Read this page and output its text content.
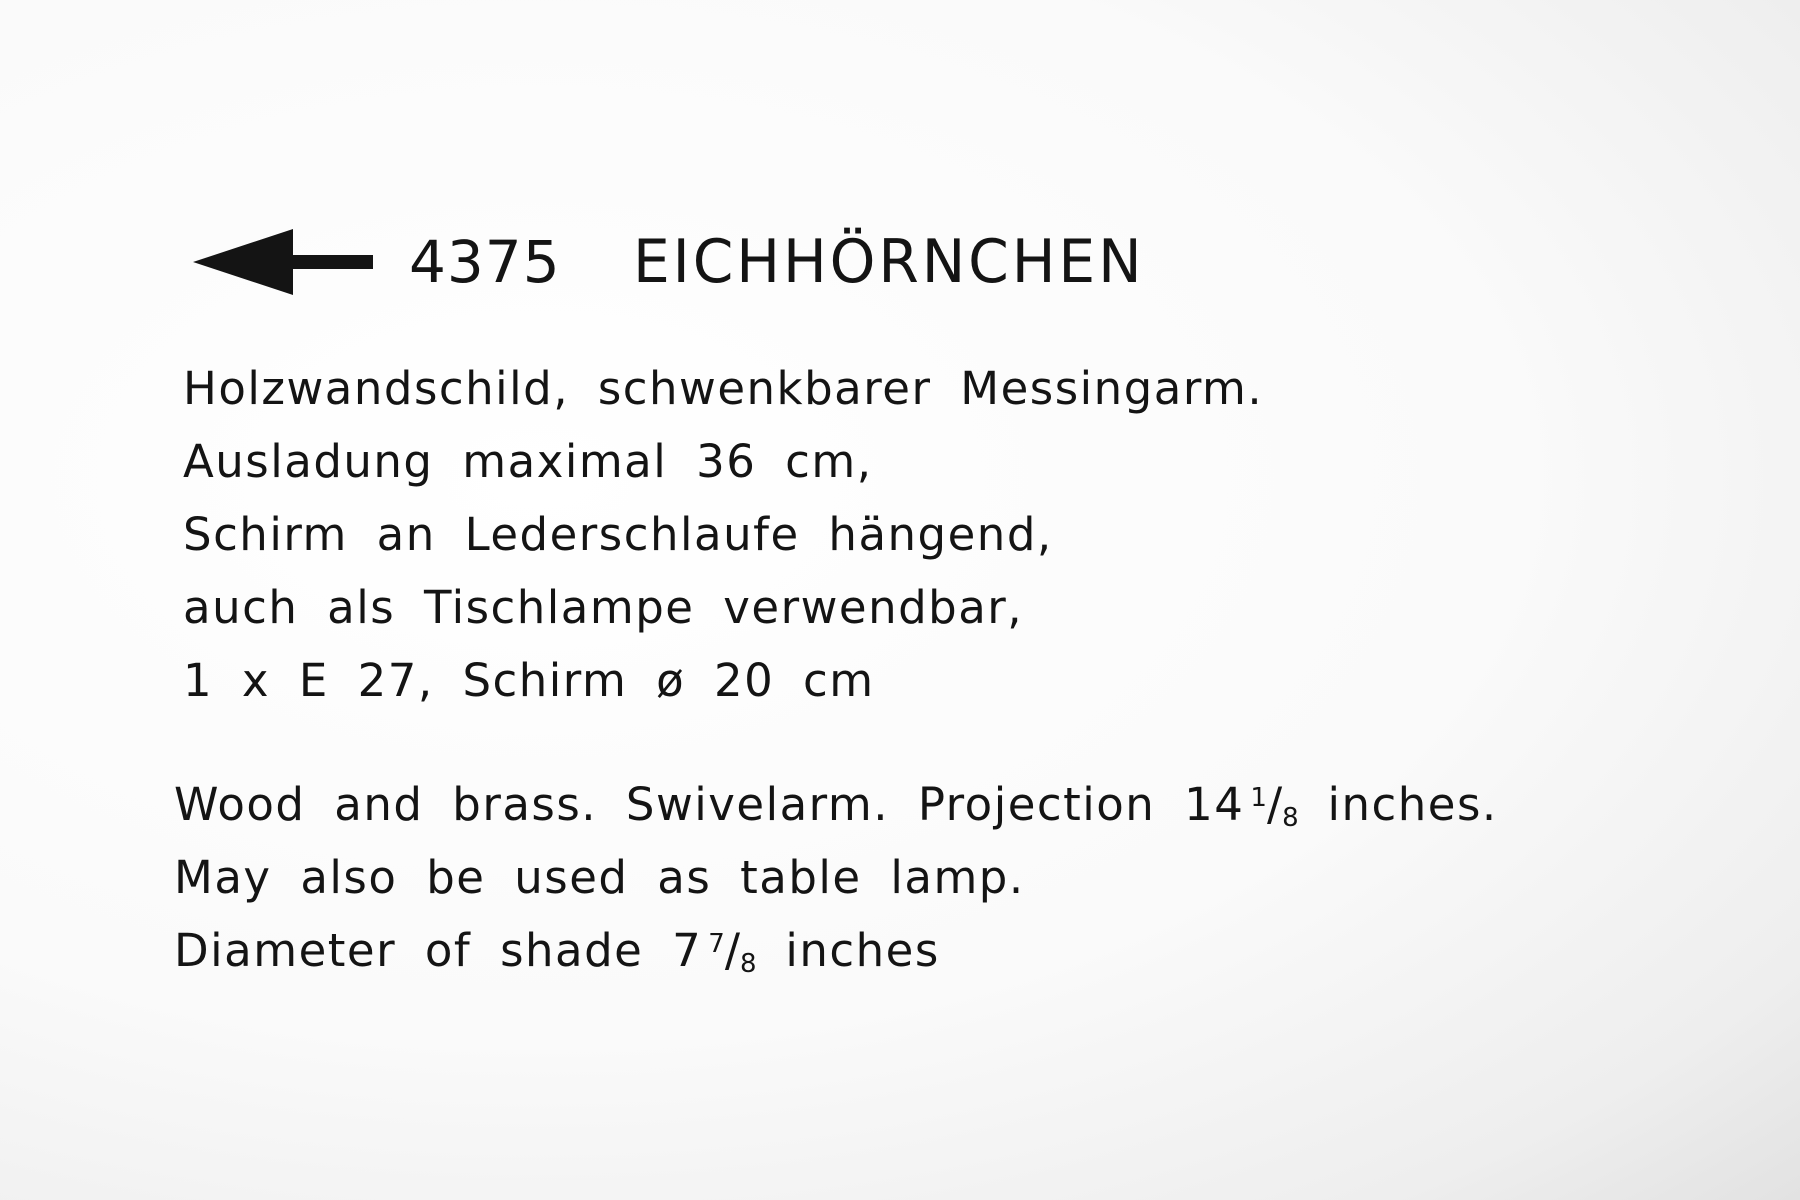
4375 EICHHÖRNCHEN
Holzwandschild, schwenkbarer Messingarm.
Ausladung maximal 36 cm,
Schirm an Lederschlaufe hängend,
auch als Tischlampe verwendbar,
1 x E 27, Schirm ø 20 cm
Wood and brass. Swivelarm. Projection 14 $^1$/8 inches.
May also be used as table lamp.
Diameter of shade 7 $^7$/8 inches
